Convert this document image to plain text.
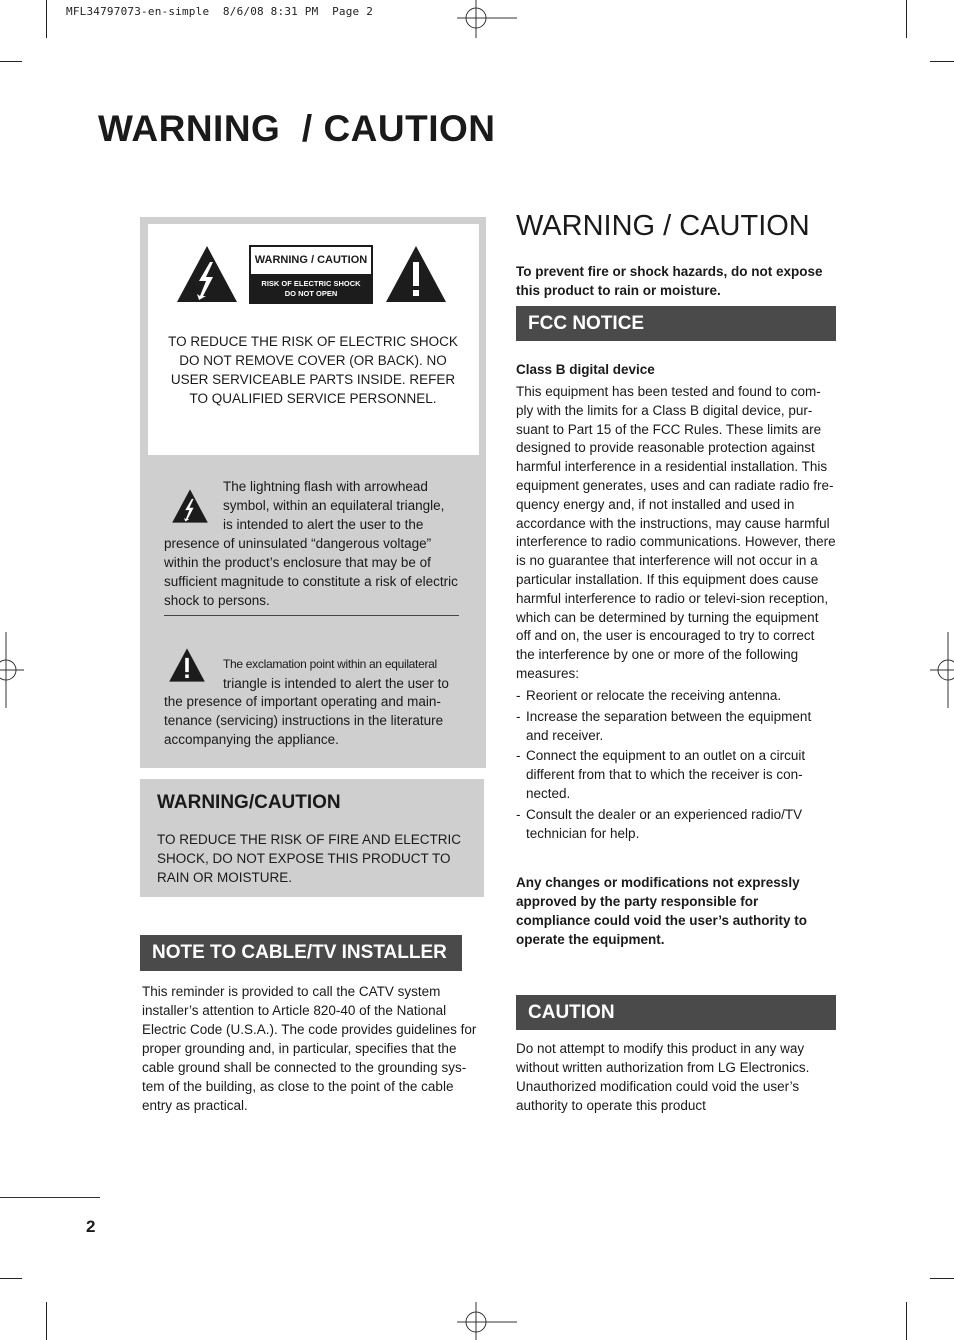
MFL34797073-en-simple  8/6/08 8:31 PM  Page 2
WARNING  / CAUTION
WARNING / CAUTION
RISK OF ELECTRIC SHOCK
DO NOT OPEN
TO REDUCE THE RISK OF ELECTRIC SHOCK DO NOT REMOVE COVER (OR BACK). NO USER SERVICEABLE PARTS INSIDE. REFER TO QUALIFIED SERVICE PERSONNEL.
The lightning flash with arrowhead
symbol, within an equilateral triangle,
is intended to alert the user to the
presence of uninsulated “dangerous voltage” within the product’s enclosure that may be of sufficient magnitude to constitute a risk of electric shock to persons.
The exclamation point within an equilateral
triangle is intended to alert the user to
the presence of important operating and main-tenance (servicing) instructions in the literature accompanying the appliance.
WARNING/CAUTION
TO REDUCE THE RISK OF FIRE AND ELECTRIC SHOCK, DO NOT EXPOSE THIS PRODUCT TO RAIN OR MOISTURE.
NOTE TO CABLE/TV INSTALLER
This reminder is provided to call the CATV system installer’s attention to Article 820-40 of the National Electric Code (U.S.A.). The code provides guidelines for proper grounding and, in particular, specifies that the cable ground shall be connected to the grounding sys-tem of the building, as close to the point of the cable entry as practical.
WARNING / CAUTION
To prevent fire or shock hazards, do not expose this product to rain or moisture.
FCC NOTICE
Class B digital device
This equipment has been tested and found to com-ply with the limits for a Class B digital device, pur-suant to Part 15 of the FCC Rules. These limits are designed to provide reasonable protection against harmful interference in a residential installation. This equipment generates, uses and can radiate radio fre-quency energy and, if not installed and used in accordance with the instructions, may cause harmful interference to radio communications. However, there is no guarantee that interference will not occur in a particular installation. If this equipment does cause harmful interference to radio or televi-sion reception, which can be determined by turning the equipment off and on, the user is encouraged to try to correct the interference by one or more of the following measures:
- Reorient or relocate the receiving antenna.
- Increase the separation between the equipment and receiver.
- Connect the equipment to an outlet on a circuit different from that to which the receiver is con-nected.
- Consult the dealer or an experienced radio/TV technician for help.
Any changes or modifications not expressly approved by the party responsible for compliance could void the user’s authority to operate the equipment.
CAUTION
Do not attempt to modify this product in any way without written authorization from LG Electronics. Unauthorized modification could void the user’s authority to operate this product
2
